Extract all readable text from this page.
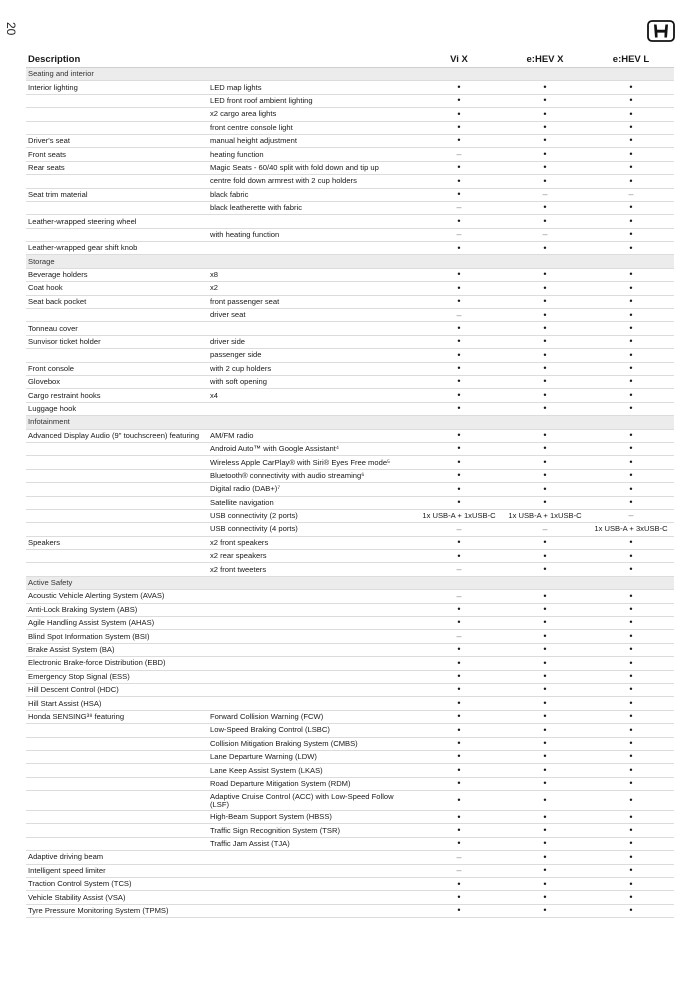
20
Description		Vi X	e:HEV X	e:HEV L
Seating and interior				
Interior lighting	LED map lights	•	•	•
	LED front roof ambient lighting	•	•	•
	x2 cargo area lights	•	•	•
	front centre console light	•	•	•
Driver's seat	manual height adjustment	•	•	•
Front seats	heating function	–	•	•
Rear seats	Magic Seats - 60/40 split with fold down and tip up	•	•	•
	centre fold down armrest with 2 cup holders	•	•	•
Seat trim material	black fabric	•	–	–
	black leatherette with fabric	–	•	•
Leather-wrapped steering wheel		•	•	•
	with heating function	–	–	•
Leather-wrapped gear shift knob		•	•	•
Storage				
Beverage holders	x8	•	•	•
Coat hook	x2	•	•	•
Seat back pocket	front passenger seat	•	•	•
	driver seat	–	•	•
Tonneau cover		•	•	•
Sunvisor ticket holder	driver side	•	•	•
	passenger side	•	•	•
Front console	with 2 cup holders	•	•	•
Glovebox	with soft opening	•	•	•
Cargo restraint hooks	x4	•	•	•
Luggage hook		•	•	•
Infotainment				
Advanced Display Audio (9" touchscreen) featuring	AM/FM radio	•	•	•
	Android Auto™ with Google Assistant⁴	•	•	•
	Wireless Apple CarPlay® with Siri® Eyes Free mode⁵	•	•	•
	Bluetooth® connectivity with audio streaming⁶	•	•	•
	Digital radio (DAB+)⁷	•	•	•
	Satellite navigation	•	•	•
	USB connectivity (2 ports)	1x USB-A + 1xUSB-C	1x USB-A + 1xUSB-C	–
	USB connectivity (4 ports)	–	–	1x USB-A + 3xUSB-C
Speakers	x2 front speakers	•	•	•
	x2 rear speakers	•	•	•
	x2 front tweeters	–	•	•
Active Safety				
Acoustic Vehicle Alerting System (AVAS)		–	•	•
Anti-Lock Braking System (ABS)		•	•	•
Agile Handling Assist System (AHAS)		•	•	•
Blind Spot Information System (BSI)		–	•	•
Brake Assist System (BA)		•	•	•
Electronic Brake-force Distribution (EBD)		•	•	•
Emergency Stop Signal (ESS)		•	•	•
Hill Descent Control (HDC)		•	•	•
Hill Start Assist (HSA)		•	•	•
Honda SENSING³⁸ featuring	Forward Collision Warning (FCW)	•	•	•
	Low-Speed Braking Control (LSBC)	•	•	•
	Collision Mitigation Braking System (CMBS)	•	•	•
	Lane Departure Warning (LDW)	•	•	•
	Lane Keep Assist System (LKAS)	•	•	•
	Road Departure Mitigation System (RDM)	•	•	•
	Adaptive Cruise Control (ACC) with Low-Speed Follow (LSF)	•	•	•
	High-Beam Support System (HBSS)	•	•	•
	Traffic Sign Recognition System (TSR)	•	•	•
	Traffic Jam Assist (TJA)	•	•	•
Adaptive driving beam		–	•	•
Intelligent speed limiter		–	•	•
Traction Control System (TCS)		•	•	•
Vehicle Stability Assist (VSA)		•	•	•
Tyre Pressure Monitoring System (TPMS)		•	•	•
